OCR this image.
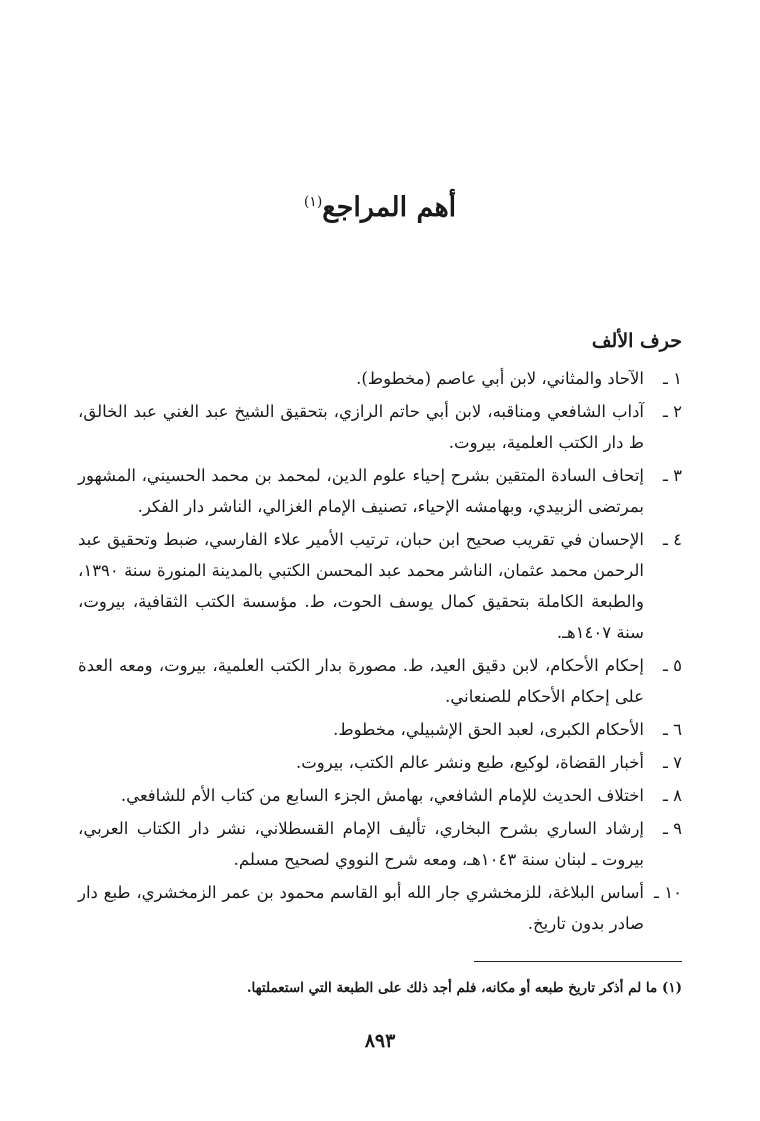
أهم المراجع$^{(١)}$
حرف الألف
١ ـ
الآحاد والمثاني، لابن أبي عاصم (مخطوط).
٢ ـ
آداب الشافعي ومناقبه، لابن أبي حاتم الرازي، بتحقيق الشيخ عبد الغني عبد الخالق، ط دار الكتب العلمية، بيروت.
٣ ـ
إتحاف السادة المتقين بشرح إحياء علوم الدين، لمحمد بن محمد الحسيني، المشهور بمرتضى الزبيدي، وبهامشه الإحياء، تصنيف الإمام الغزالي، الناشر دار الفكر.
٤ ـ
الإحسان في تقريب صحيح ابن حبان، ترتيب الأمير علاء الفارسي، ضبط وتحقيق عبد الرحمن محمد عثمان، الناشر محمد عبد المحسن الكتبي بالمدينة المنورة سنة ١٣٩٠، والطبعة الكاملة بتحقيق كمال يوسف الحوت، ط. مؤسسة الكتب الثقافية، بيروت، سنة ١٤٠٧هـ.
٥ ـ
إحكام الأحكام، لابن دقيق العيد، ط. مصورة بدار الكتب العلمية، بيروت، ومعه العدة على إحكام الأحكام للصنعاني.
٦ ـ
الأحكام الكبرى، لعبد الحق الإشبيلي، مخطوط.
٧ ـ
أخبار القضاة، لوكيع، طبع ونشر عالم الكتب، بيروت.
٨ ـ
اختلاف الحديث للإمام الشافعي، بهامش الجزء السابع من كتاب الأم للشافعي.
٩ ـ
إرشاد الساري بشرح البخاري، تأليف الإمام القسطلاني، نشر دار الكتاب العربي، بيروت ـ لبنان سنة ١٠٤٣هـ، ومعه شرح النووي لصحيح مسلم.
١٠ ـ
أساس البلاغة، للزمخشري جار الله أبو القاسم محمود بن عمر الزمخشري، طبع دار صادر بدون تاريخ.
(١) ما لم أذكر تاريخ طبعه أو مكانه، فلم أجد ذلك على الطبعة التي استعملتها.
٨٩٣
